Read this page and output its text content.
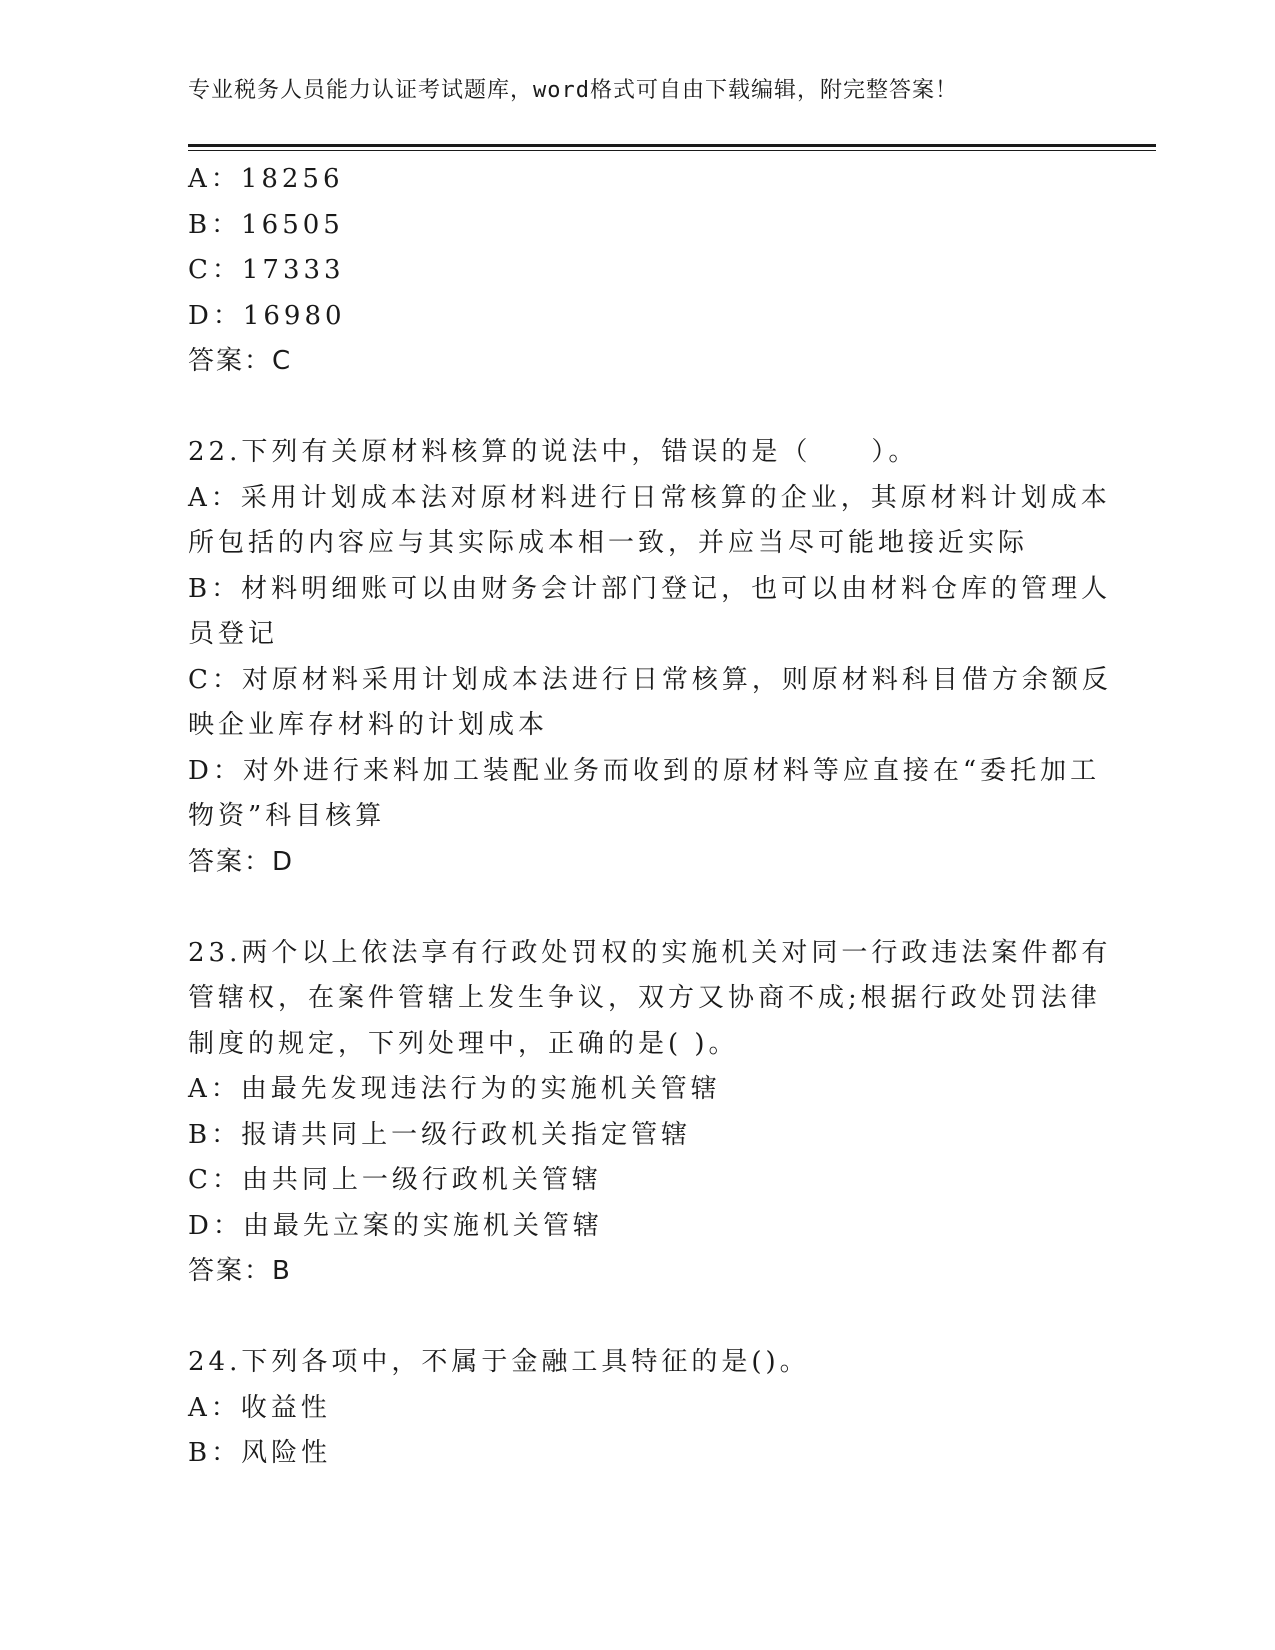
专业税务人员能力认证考试题库，word格式可自由下载编辑，附完整答案！
A：18256
B：16505
C：17333
D：16980
答案：C
22.下列有关原材料核算的说法中，错误的是（　　）。
A：采用计划成本法对原材料进行日常核算的企业，其原材料计划成本
所包括的内容应与其实际成本相一致，并应当尽可能地接近实际
B：材料明细账可以由财务会计部门登记，也可以由材料仓库的管理人
员登记
C：对原材料采用计划成本法进行日常核算，则原材料科目借方余额反
映企业库存材料的计划成本
D：对外进行来料加工装配业务而收到的原材料等应直接在“委托加工
物资”科目核算
答案：D
23.两个以上依法享有行政处罚权的实施机关对同一行政违法案件都有
管辖权，在案件管辖上发生争议，双方又协商不成;根据行政处罚法律
制度的规定，下列处理中，正确的是( )。
A：由最先发现违法行为的实施机关管辖
B：报请共同上一级行政机关指定管辖
C：由共同上一级行政机关管辖
D：由最先立案的实施机关管辖
答案：B
24.下列各项中，不属于金融工具特征的是()。
A：收益性
B：风险性
